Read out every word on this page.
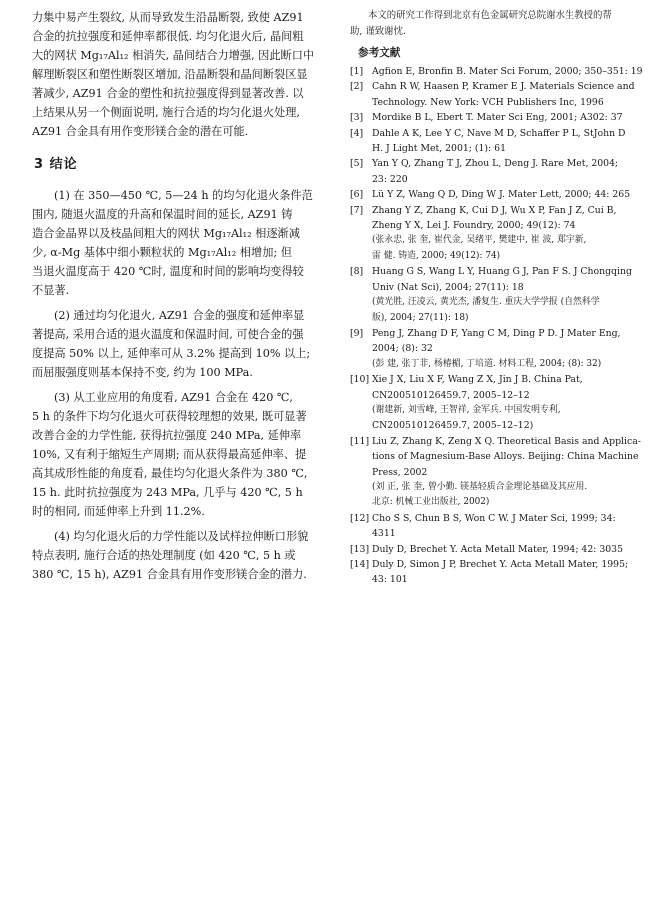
力集中易产生裂纹, 从而导致发生沿晶断裂, 致使 AZ91
合金的抗拉强度和延伸率都很低. 均匀化退火后, 晶间粗
大的网状 Mg₁₇Al₁₂ 相消失, 晶间结合力增强, 因此断口中
解理断裂区和塑性断裂区增加, 沿晶断裂和晶间断裂区显
著减少, AZ91 合金的塑性和抗拉强度得到显著改善. 以
上结果从另一个侧面说明, 施行合适的均匀化退火处理,
AZ91 合金具有用作变形镁合金的潜在可能.
3 结论
(1) 在 350—450 ℃, 5—24 h 的均匀化退火条件范
围内, 随退火温度的升高和保温时间的延长, AZ91 铸
造合金晶界以及枝晶间粗大的网状 Mg₁₇Al₁₂ 相逐渐减
少, α-Mg 基体中细小颗粒状的 Mg₁₇Al₁₂ 相增加; 但
当退火温度高于 420 ℃时, 温度和时间的影响均变得较
不显著.
(2) 通过均匀化退火, AZ91 合金的强度和延伸率显
著提高, 采用合适的退火温度和保温时间, 可使合金的强
度提高 50% 以上, 延伸率可从 3.2% 提高到 10% 以上;
而屈服强度则基本保持不变, 约为 100 MPa.
(3) 从工业应用的角度看, AZ91 合金在 420 ℃,
5 h 的条件下均匀化退火可获得较理想的效果, 既可显著
改善合金的力学性能, 获得抗拉强度 240 MPa, 延伸率
10%, 又有利于缩短生产周期; 而从获得最高延伸率、提
高其成形性能的角度看, 最佳均匀化退火条件为 380 ℃,
15 h. 此时抗拉强度为 243 MPa, 几乎与 420 ℃, 5 h
时的相同, 而延伸率上升到 11.2%.
(4) 均匀化退火后的力学性能以及试样拉伸断口形貌
特点表明, 施行合适的热处理制度 (如 420 ℃, 5 h 或
380 ℃, 15 h), AZ91 合金具有用作变形镁合金的潜力.
本文的研究工作得到北京有色金属研究总院谢水生教授的帮
助, 谨致谢忱.
参考文献
[1] Agfion E, Bronfin B. Mater Sci Forum, 2000; 350–351: 19
[2] Cahn R W, Haasen P, Kramer E J. Materials Science and
Technology. New York: VCH Publishers Inc, 1996
[3] Mordike B L, Ebert T. Mater Sci Eng, 2001; A302: 37
[4] Dahle A K, Lee Y C, Nave M D, Schaffer P L, StJohn D
H. J Light Met, 2001; (1): 61
[5] Yan Y Q, Zhang T J, Zhou L, Deng J. Rare Met, 2004;
23: 220
[6] Lü Y Z, Wang Q D, Ding W J. Mater Lett, 2000; 44: 265
[7] Zhang Y Z, Zhang K, Cui D J, Wu X P, Fan J Z, Cui B,
Zheng Y X, Lei J. Foundry, 2000; 49(12): 74
(张永忠, 张 奎, 崔代金, 吴绪平, 樊建中, 崔 波, 郑宇新,
雷 健. 铸造, 2000; 49(12): 74)
[8] Huang G S, Wang L Y, Huang G J, Pan F S. J Chongqing
Univ (Nat Sci), 2004; 27(11): 18
(黄光胜, 汪凌云, 黄光杰, 潘复生. 重庆大学学报 (自然科学
版), 2004; 27(11): 18)
[9] Peng J, Zhang D F, Yang C M, Ding P D. J Mater Eng,
2004; (8): 32
(彭 建, 张丁非, 杨椿楣, 丁培道. 材料工程, 2004; (8): 32)
[10] Xie J X, Liu X F, Wang Z X, Jin J B. China Pat,
CN200510126459.7, 2005–12–12
(谢建新, 刘雪峰, 王智祥, 金军兵. 中国发明专利,
CN200510126459.7, 2005–12–12)
[11] Liu Z, Zhang K, Zeng X Q. Theoretical Basis and Applica-
tions of Magnesium-Base Alloys. Beijing: China Machine
Press, 2002
(刘 正, 张 奎, 曾小勤. 镁基轻质合金理论基础及其应用.
北京: 机械工业出版社, 2002)
[12] Cho S S, Chun B S, Won C W. J Mater Sci, 1999; 34:
4311
[13] Duly D, Brechet Y. Acta Metall Mater, 1994; 42: 3035
[14] Duly D, Simon J P, Brechet Y. Acta Metall Mater, 1995;
43: 101
